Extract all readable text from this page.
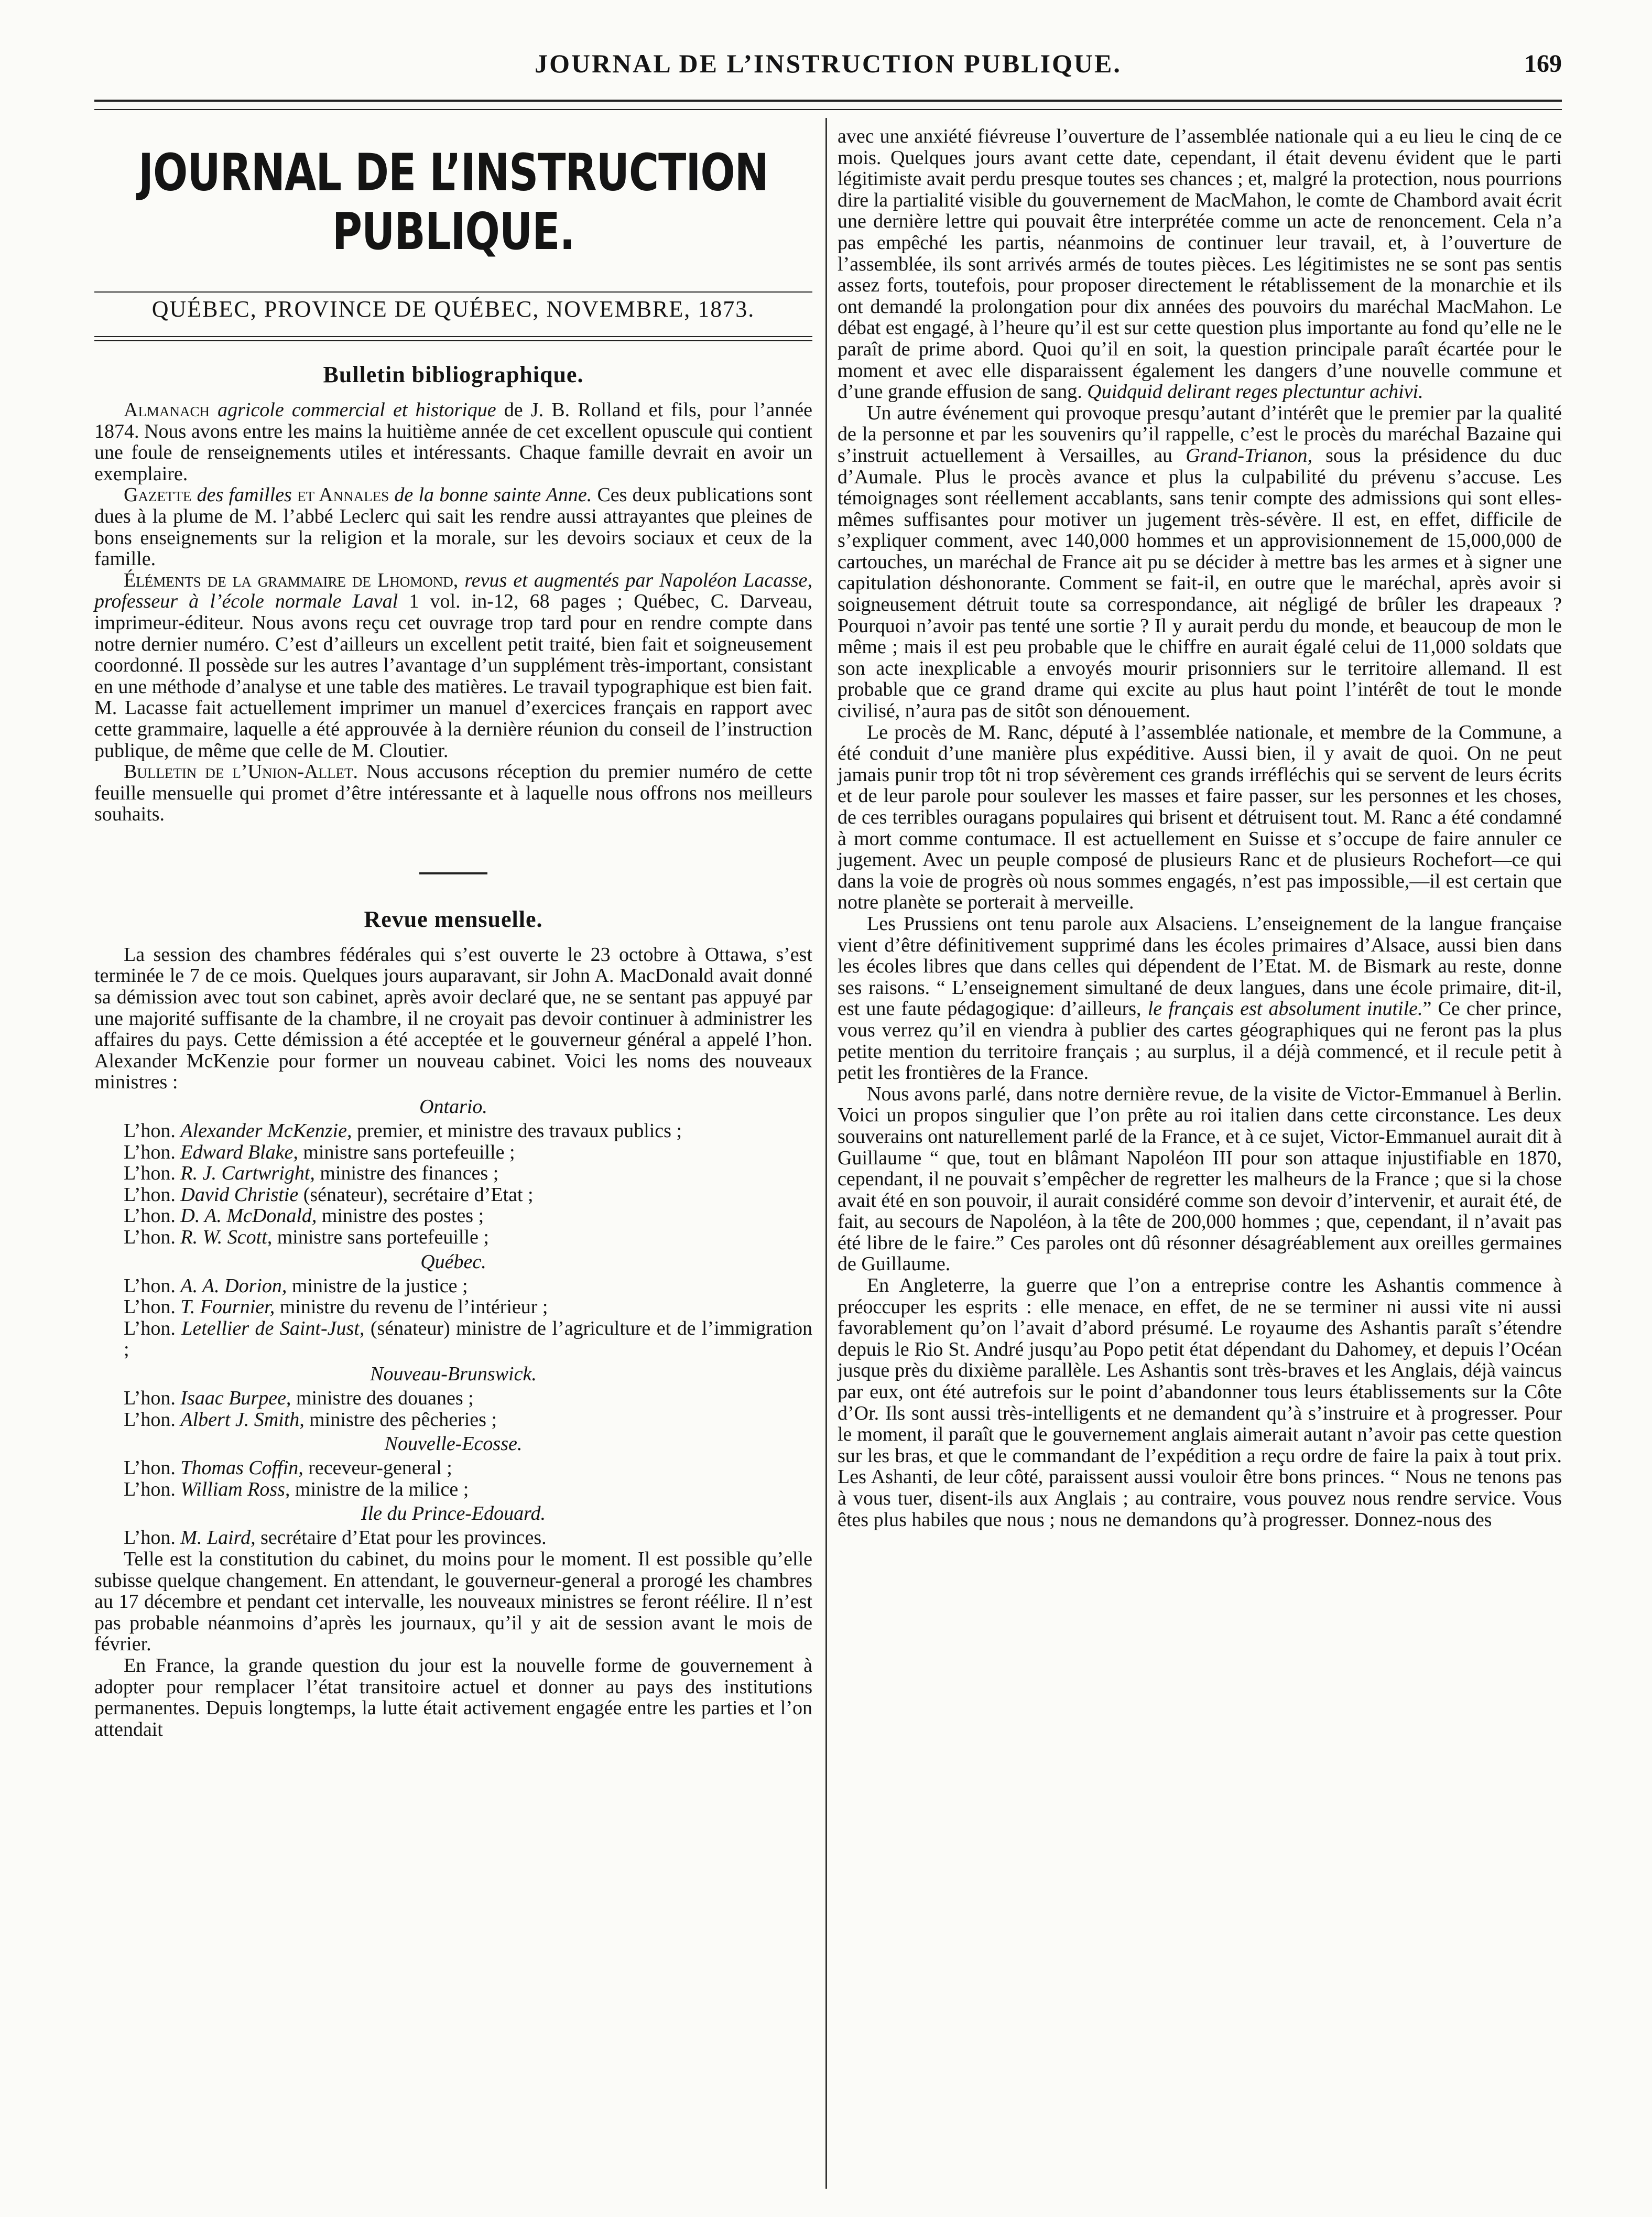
JOURNAL DE L’INSTRUCTION PUBLIQUE.	169
JOURNAL DE L’INSTRUCTION PUBLIQUE.
QUÉBEC, PROVINCE DE QUÉBEC, NOVEMBRE, 1873.
Bulletin bibliographique.

Almanach agricole commercial et historique de J. B. Rolland et fils, pour l’année 1874. Nous avons entre les mains la huitième année de cet excellent opuscule qui contient une foule de renseignements utiles et intéressants. Chaque famille devrait en avoir un exemplaire.

Gazette des familles et Annales de la bonne sainte Anne. Ces deux publications sont dues à la plume de M. l’abbé Leclerc qui sait les rendre aussi attrayantes que pleines de bons enseignements sur la religion et la morale, sur les devoirs sociaux et ceux de la famille.

Éléments de la grammaire de Lhomond, revus et augmentés par Napoléon Lacasse, professeur à l’école normale Laval 1 vol. in-12, 68 pages ; Québec, C. Darveau, imprimeur-éditeur. Nous avons reçu cet ouvrage trop tard pour en rendre compte dans notre dernier numéro. C’est d’ailleurs un excellent petit traité, bien fait et soigneusement coordonné. Il possède sur les autres l’avantage d’un supplément très-important, consistant en une méthode d’analyse et une table des matières. Le travail typographique est bien fait. M. Lacasse fait actuellement imprimer un manuel d’exercices français en rapport avec cette grammaire, laquelle a été approuvée à la dernière réunion du conseil de l’instruction publique, de même que celle de M. Cloutier.

Bulletin de l’Union-Allet. Nous accusons réception du premier numéro de cette feuille mensuelle qui promet d’être intéressante et à laquelle nous offrons nos meilleurs souhaits.

Revue mensuelle.

La session des chambres fédérales qui s’est ouverte le 23 octobre à Ottawa, s’est terminée le 7 de ce mois. Quelques jours auparavant, sir John A. MacDonald avait donné sa démission avec tout son cabinet, après avoir declaré que, ne se sentant pas appuyé par une majorité suffisante de la chambre, il ne croyait pas devoir continuer à administrer les affaires du pays. Cette démission a été acceptée et le gouverneur général a appelé l’hon. Alexander McKenzie pour former un nouveau cabinet. Voici les noms des nouveaux ministres :

Ontario.

L’hon. Alexander McKenzie, premier, et ministre des travaux publics ;

L’hon. Edward Blake, ministre sans portefeuille ;

L’hon. R. J. Cartwright, ministre des finances ;

L’hon. David Christie (sénateur), secrétaire d’Etat ;

L’hon. D. A. McDonald, ministre des postes ;

L’hon. R. W. Scott, ministre sans portefeuille ;

Québec.

L’hon. A. A. Dorion, ministre de la justice ;

L’hon. T. Fournier, ministre du revenu de l’intérieur ;

L’hon. Letellier de Saint-Just, (sénateur) ministre de l’agriculture et de l’immigration ;

Nouveau-Brunswick.

L’hon. Isaac Burpee, ministre des douanes ;

L’hon. Albert J. Smith, ministre des pêcheries ;

Nouvelle-Ecosse.

L’hon. Thomas Coffin, receveur-general ;

L’hon. William Ross, ministre de la milice ;

Ile du Prince-Edouard.

L’hon. M. Laird, secrétaire d’Etat pour les provinces.

Telle est la constitution du cabinet, du moins pour le moment. Il est possible qu’elle subisse quelque changement. En attendant, le gouverneur-general a prorogé les chambres au 17 décembre et pendant cet intervalle, les nouveaux ministres se feront réélire. Il n’est pas probable néanmoins d’après les journaux, qu’il y ait de session avant le mois de février.

En France, la grande question du jour est la nouvelle forme de gouvernement à adopter pour remplacer l’état transitoire actuel et donner au pays des institutions permanentes. Depuis longtemps, la lutte était activement engagée entre les parties et l’on attendait

avec une anxiété fiévreuse l’ouverture de l’assemblée nationale qui a eu lieu le cinq de ce mois. Quelques jours avant cette date, cependant, il était devenu évident que le parti légitimiste avait perdu presque toutes ses chances ; et, malgré la protection, nous pourrions dire la partialité visible du gouvernement de MacMahon, le comte de Chambord avait écrit une dernière lettre qui pouvait être interprétée comme un acte de renoncement. Cela n’a pas empêché les partis, néanmoins de continuer leur travail, et, à l’ouverture de l’assemblée, ils sont arrivés armés de toutes pièces. Les légitimistes ne se sont pas sentis assez forts, toutefois, pour proposer directement le rétablissement de la monarchie et ils ont demandé la prolongation pour dix années des pouvoirs du maréchal MacMahon. Le débat est engagé, à l’heure qu’il est sur cette question plus importante au fond qu’elle ne le paraît de prime abord. Quoi qu’il en soit, la question principale paraît écartée pour le moment et avec elle disparaissent également les dangers d’une nouvelle commune et d’une grande effusion de sang. Quidquid delirant reges plectuntur achivi.

Un autre événement qui provoque presqu’autant d’intérêt que le premier par la qualité de la personne et par les souvenirs qu’il rappelle, c’est le procès du maréchal Bazaine qui s’instruit actuellement à Versailles, au Grand-Trianon, sous la présidence du duc d’Aumale. Plus le procès avance et plus la culpabilité du prévenu s’accuse. Les témoignages sont réellement accablants, sans tenir compte des admissions qui sont elles-mêmes suffisantes pour motiver un jugement très-sévère. Il est, en effet, difficile de s’expliquer comment, avec 140,000 hommes et un approvisionnement de 15,000,000 de cartouches, un maréchal de France ait pu se décider à mettre bas les armes et à signer une capitulation déshonorante. Comment se fait-il, en outre que le maréchal, après avoir si soigneusement détruit toute sa correspondance, ait négligé de brûler les drapeaux ? Pourquoi n’avoir pas tenté une sortie ? Il y aurait perdu du monde, et beaucoup de mon le même ; mais il est peu probable que le chiffre en aurait égalé celui de 11,000 soldats que son acte inexplicable a envoyés mourir prisonniers sur le territoire allemand. Il est probable que ce grand drame qui excite au plus haut point l’intérêt de tout le monde civilisé, n’aura pas de sitôt son dénouement.

Le procès de M. Ranc, député à l’assemblée nationale, et membre de la Commune, a été conduit d’une manière plus expéditive. Aussi bien, il y avait de quoi. On ne peut jamais punir trop tôt ni trop sévèrement ces grands irréfléchis qui se servent de leurs écrits et de leur parole pour soulever les masses et faire passer, sur les personnes et les choses, de ces terribles ouragans populaires qui brisent et détruisent tout. M. Ranc a été condamné à mort comme contumace. Il est actuellement en Suisse et s’occupe de faire annuler ce jugement. Avec un peuple composé de plusieurs Ranc et de plusieurs Rochefort—ce qui dans la voie de progrès où nous sommes engagés, n’est pas impossible,—il est certain que notre planète se porterait à merveille.

Les Prussiens ont tenu parole aux Alsaciens. L’enseignement de la langue française vient d’être définitivement supprimé dans les écoles primaires d’Alsace, aussi bien dans les écoles libres que dans celles qui dépendent de l’Etat. M. de Bismark au reste, donne ses raisons. “ L’enseignement simultané de deux langues, dans une école primaire, dit-il, est une faute pédagogique: d’ailleurs, le français est absolument inutile.” Ce cher prince, vous verrez qu’il en viendra à publier des cartes géographiques qui ne feront pas la plus petite mention du territoire français ; au surplus, il a déjà commencé, et il recule petit à petit les frontières de la France.

Nous avons parlé, dans notre dernière revue, de la visite de Victor-Emmanuel à Berlin. Voici un propos singulier que l’on prête au roi italien dans cette circonstance. Les deux souverains ont naturellement parlé de la France, et à ce sujet, Victor-Emmanuel aurait dit à Guillaume “ que, tout en blâmant Napoléon III pour son attaque injustifiable en 1870, cependant, il ne pouvait s’empêcher de regretter les malheurs de la France ; que si la chose avait été en son pouvoir, il aurait considéré comme son devoir d’intervenir, et aurait été, de fait, au secours de Napoléon, à la tête de 200,000 hommes ; que, cependant, il n’avait pas été libre de le faire.” Ces paroles ont dû résonner désagréablement aux oreilles germaines de Guillaume.

En Angleterre, la guerre que l’on a entreprise contre les Ashantis commence à préoccuper les esprits : elle menace, en effet, de ne se terminer ni aussi vite ni aussi favorablement qu’on l’avait d’abord présumé. Le royaume des Ashantis paraît s’étendre depuis le Rio St. André jusqu’au Popo petit état dépendant du Dahomey, et depuis l’Océan jusque près du dixième parallèle. Les Ashantis sont très-braves et les Anglais, déjà vaincus par eux, ont été autrefois sur le point d’abandonner tous leurs établissements sur la Côte d’Or. Ils sont aussi très-intelligents et ne demandent qu’à s’instruire et à progresser. Pour le moment, il paraît que le gouvernement anglais aimerait autant n’avoir pas cette question sur les bras, et que le commandant de l’expédition a reçu ordre de faire la paix à tout prix. Les Ashanti, de leur côté, paraissent aussi vouloir être bons princes. “ Nous ne tenons pas à vous tuer, disent-ils aux Anglais ; au contraire, vous pouvez nous rendre service. Vous êtes plus habiles que nous ; nous ne demandons qu’à progresser. Donnez-nous des
